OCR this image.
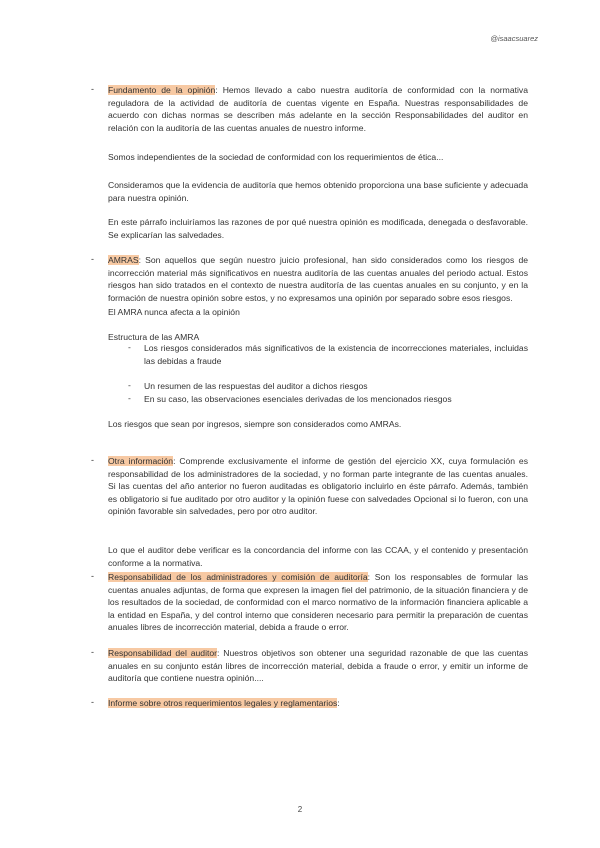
@isaacsuarez
- Fundamento de la opinión: Hemos llevado a cabo nuestra auditoría de conformidad con la normativa reguladora de la actividad de auditoría de cuentas vigente en España. Nuestras responsabilidades de acuerdo con dichas normas se describen más adelante en la sección Responsabilidades del auditor en relación con la auditoría de las cuentas anuales de nuestro informe.
Somos independientes de la sociedad de conformidad con los requerimientos de ética...
Consideramos que la evidencia de auditoría que hemos obtenido proporciona una base suficiente y adecuada para nuestra opinión.
En este párrafo incluiríamos las razones de por qué nuestra opinión es modificada, denegada o desfavorable. Se explicarían las salvedades.
- AMRAS: Son aquellos que según nuestro juicio profesional, han sido considerados como los riesgos de incorrección material más significativos en nuestra auditoría de las cuentas anuales del periodo actual. Estos riesgos han sido tratados en el contexto de nuestra auditoría de las cuentas anuales en su conjunto, y en la formación de nuestra opinión sobre estos, y no expresamos una opinión por separado sobre esos riesgos.
El AMRA nunca afecta a la opinión
Estructura de las AMRA
- Los riesgos considerados más significativos de la existencia de incorrecciones materiales, incluidas las debidas a fraude
- Un resumen de las respuestas del auditor a dichos riesgos
- En su caso, las observaciones esenciales derivadas de los mencionados riesgos
Los riesgos que sean por ingresos, siempre son considerados como AMRAs.
- Otra información: Comprende exclusivamente el informe de gestión del ejercicio XX, cuya formulación es responsabilidad de los administradores de la sociedad, y no forman parte integrante de las cuentas anuales. Si las cuentas del año anterior no fueron auditadas es obligatorio incluirlo en éste párrafo. Además, también es obligatorio si fue auditado por otro auditor y la opinión fuese con salvedades Opcional si lo fueron, con una opinión favorable sin salvedades, pero por otro auditor.
Lo que el auditor debe verificar es la concordancia del informe con las CCAA, y el contenido y presentación conforme a la normativa.
- Responsabilidad de los administradores y comisión de auditoría: Son los responsables de formular las cuentas anuales adjuntas, de forma que expresen la imagen fiel del patrimonio, de la situación financiera y de los resultados de la sociedad, de conformidad con el marco normativo de la información financiera aplicable a la entidad en España, y del control interno que consideren necesario para permitir la preparación de cuentas anuales libres de incorrección material, debida a fraude o error.
- Responsabilidad del auditor: Nuestros objetivos son obtener una seguridad razonable de que las cuentas anuales en su conjunto están libres de incorrección material, debida a fraude o error, y emitir un informe de auditoría que contiene nuestra opinión....
- Informe sobre otros requerimientos legales y reglamentarios:
2
